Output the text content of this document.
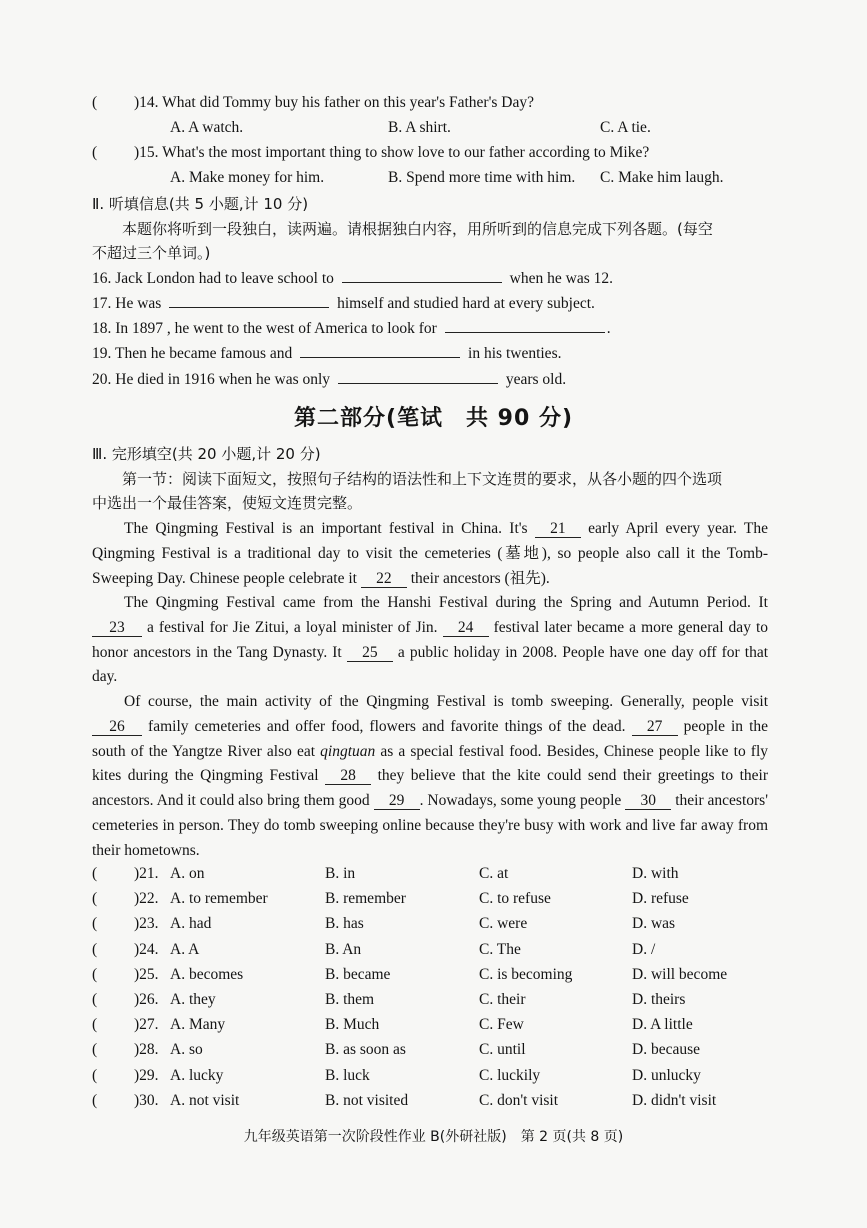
( )14. What did Tommy buy his father on this year's Father's Day?
A. A watch.	B. A shirt.	C. A tie.
( )15. What's the most important thing to show love to our father according to Mike?
A. Make money for him.	B. Spend more time with him. C. Make him laugh.
Ⅱ. 听填信息(共 5 小题,计 10 分)
本题你将听到一段独白，读两遍。请根据独白内容，用所听到的信息完成下列各题。(每空
不超过三个单词。)
16. Jack London had to leave school to	when he was 12.
17. He was	himself and studied hard at every subject.
18. In 1897 , he went to the west of America to look for	.
19. Then he became famous and	in his twenties.
20. He died in 1916 when he was only	years old.
第二部分(笔试　共 90 分)
Ⅲ. 完形填空(共 20 小题,计 20 分)
第一节：阅读下面短文，按照句子结构的语法性和上下文连贯的要求，从各小题的四个选项
中选出一个最佳答案，使短文连贯完整。
The Qingming Festival is an important festival in China. It's 21 early April every year. The Qingming Festival is a traditional day to visit the cemeteries (墓地), so people also call it the Tomb-Sweeping Day. Chinese people celebrate it 22 their ancestors (祖先).
The Qingming Festival came from the Hanshi Festival during the Spring and Autumn Period. It 23 a festival for Jie Zitui, a loyal minister of Jin. 24 festival later became a more general day to honor ancestors in the Tang Dynasty. It 25 a public holiday in 2008. People have one day off for that day.
Of course, the main activity of the Qingming Festival is tomb sweeping. Generally, people visit 26 family cemeteries and offer food, flowers and favorite things of the dead. 27 people in the south of the Yangtze River also eat qingtuan as a special festival food. Besides, Chinese people like to fly kites during the Qingming Festival 28 they believe that the kite could send their greetings to their ancestors. And it could also bring them good 29 . Nowadays, some young people 30 their ancestors' cemeteries in person. They do tomb sweeping online because they're busy with work and live far away from their hometowns.
( )21. A. on	B. in	C. at	D. with
( )22. A. to remember	B. remember	C. to refuse	D. refuse
( )23. A. had	B. has	C. were	D. was
( )24. A. A	B. An	C. The	D. /
( )25. A. becomes	B. became	C. is becoming	D. will become
( )26. A. they	B. them	C. their	D. theirs
( )27. A. Many	B. Much	C. Few	D. A little
( )28. A. so	B. as soon as	C. until	D. because
( )29. A. lucky	B. luck	C. luckily	D. unlucky
( )30. A. not visit	B. not visited	C. don't visit	D. didn't visit
九年级英语第一次阶段性作业 B(外研社版)　第 2 页(共 8 页)
